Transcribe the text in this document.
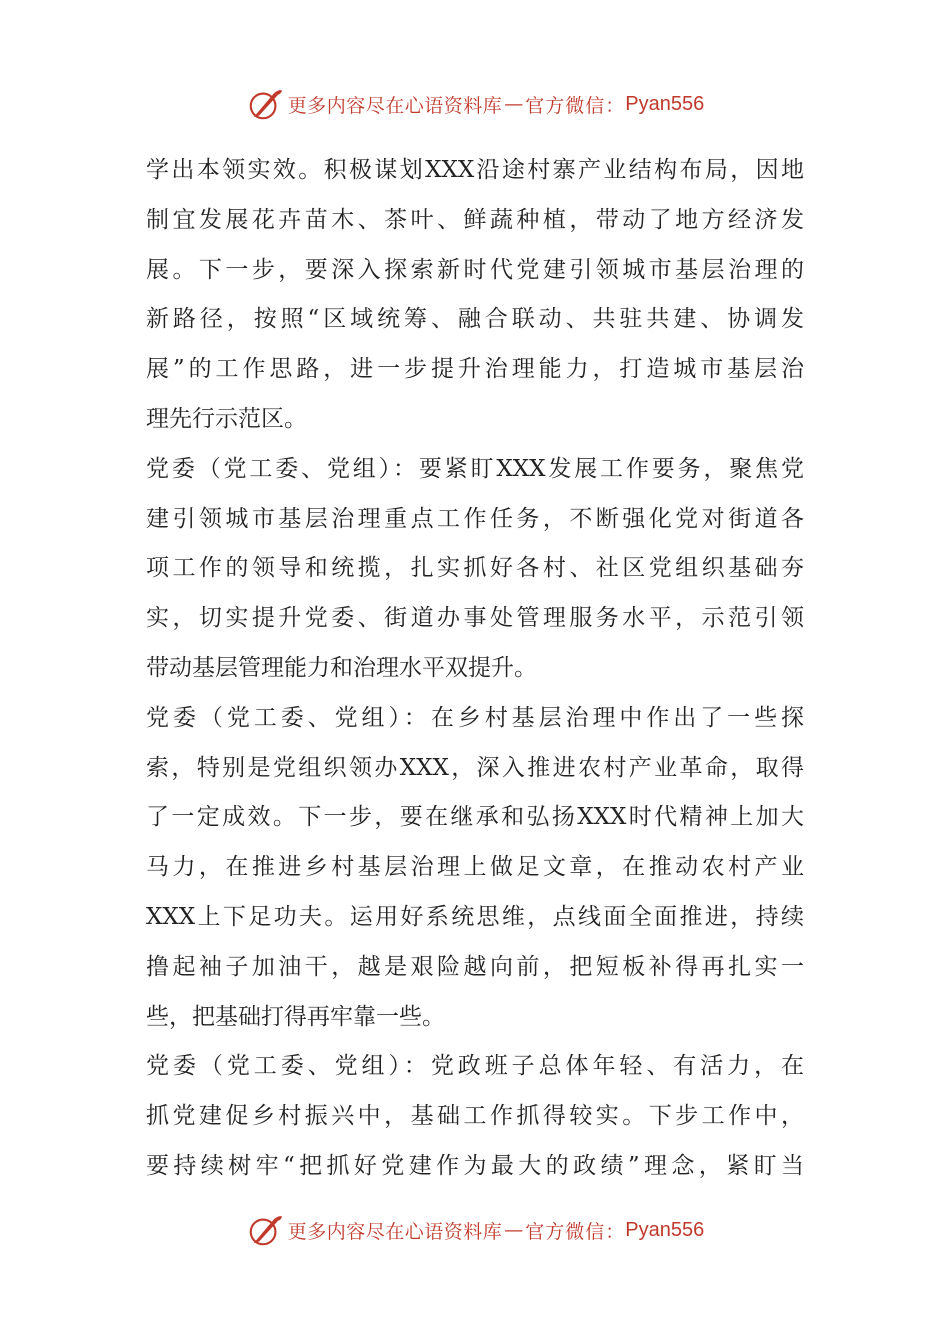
更多内容尽在心语资料库 — 官方微信： Pyan556

学出本领实效。积极谋划XXX沿途村寨产业结构布局，因地
制宜发展花卉苗木、茶叶、鲜蔬种植，带动了地方经济发
展。下一步，要深入探索新时代党建引领城市基层治理的
新路径，按照“区域统筹、融合联动、共驻共建、协调发
展”的工作思路，进一步提升治理能力，打造城市基层治
理先行示范区。

党委（党工委、党组）：要紧盯XXX发展工作要务，聚焦党
建引领城市基层治理重点工作任务，不断强化党对街道各
项工作的领导和统揽，扎实抓好各村、社区党组织基础夯
实，切实提升党委、街道办事处管理服务水平，示范引领
带动基层管理能力和治理水平双提升。

党委（党工委、党组）：在乡村基层治理中作出了一些探
索，特别是党组织领办XXX，深入推进农村产业革命，取得
了一定成效。下一步，要在继承和弘扬XXX时代精神上加大
马力，在推进乡村基层治理上做足文章，在推动农村产业
XXX上下足功夫。运用好系统思维，点线面全面推进，持续
撸起袖子加油干，越是艰险越向前，把短板补得再扎实一
些，把基础打得再牢靠一些。

党委（党工委、党组）：党政班子总体年轻、有活力，在
抓党建促乡村振兴中，基础工作抓得较实。下步工作中，
要持续树牢“把抓好党建作为最大的政绩”理念，紧盯当

更多内容尽在心语资料库 — 官方微信： Pyan556
